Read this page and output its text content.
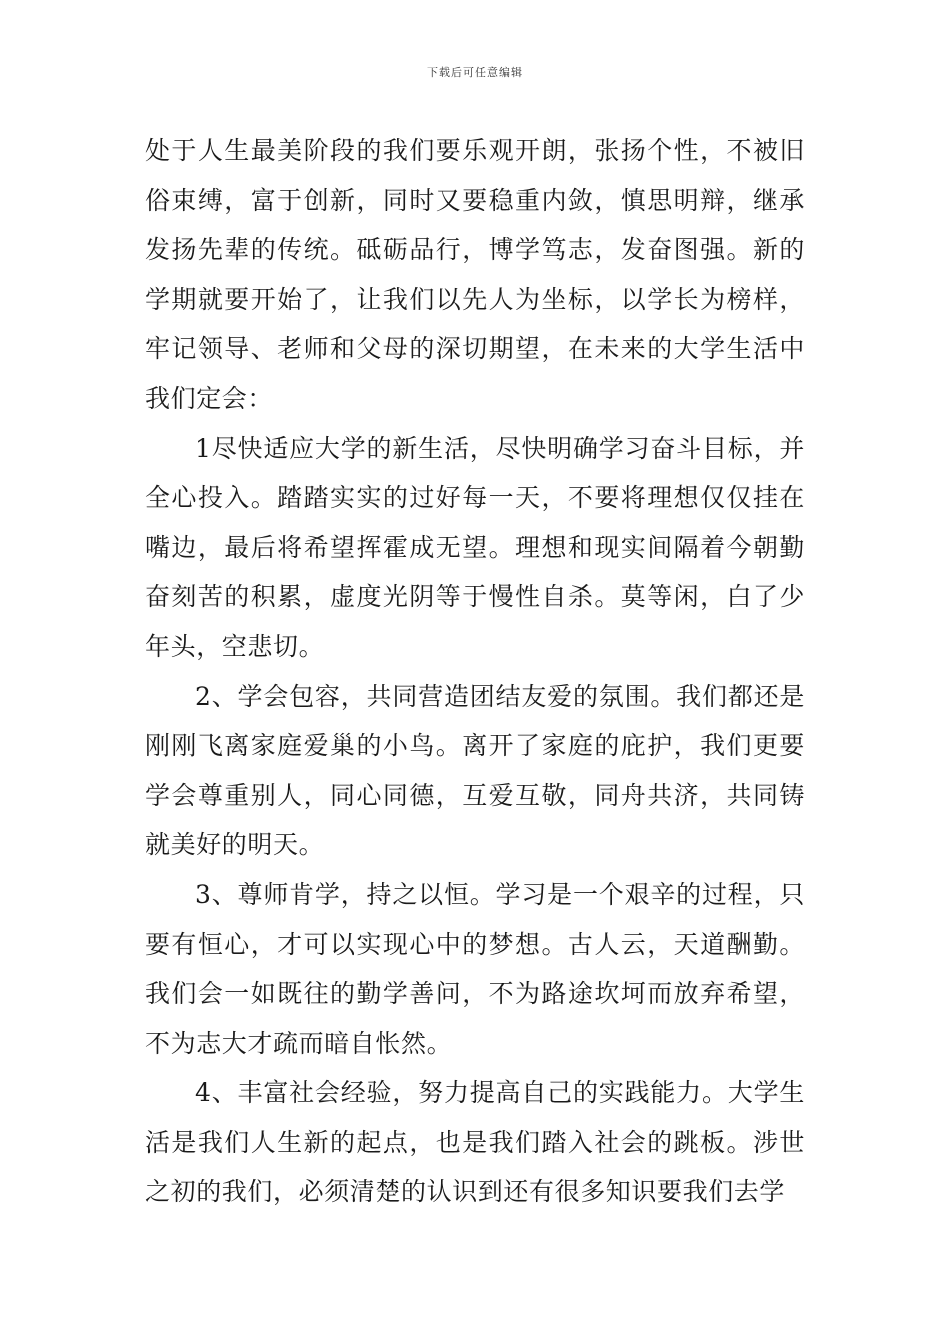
下载后可任意编辑

处于人生最美阶段的我们要乐观开朗，张扬个性，不被旧俗束缚，富于创新，同时又要稳重内敛，慎思明辩，继承发扬先辈的传统。砥砺品行，博学笃志，发奋图强。新的学期就要开始了，让我们以先人为坐标，以学长为榜样，牢记领导、老师和父母的深切期望，在未来的大学生活中我们定会：

1尽快适应大学的新生活，尽快明确学习奋斗目标，并全心投入。踏踏实实的过好每一天，不要将理想仅仅挂在嘴边，最后将希望挥霍成无望。理想和现实间隔着今朝勤奋刻苦的积累，虚度光阴等于慢性自杀。莫等闲，白了少年头，空悲切。

2、学会包容，共同营造团结友爱的氛围。我们都还是刚刚飞离家庭爱巢的小鸟。离开了家庭的庇护，我们更要学会尊重别人，同心同德，互爱互敬，同舟共济，共同铸就美好的明天。

3、尊师肯学，持之以恒。学习是一个艰辛的过程，只要有恒心，才可以实现心中的梦想。古人云，天道酬勤。我们会一如既往的勤学善问，不为路途坎坷而放弃希望，不为志大才疏而暗自怅然。

4、丰富社会经验，努力提高自己的实践能力。大学生活是我们人生新的起点，也是我们踏入社会的跳板。涉世之初的我们，必须清楚的认识到还有很多知识要我们去学
